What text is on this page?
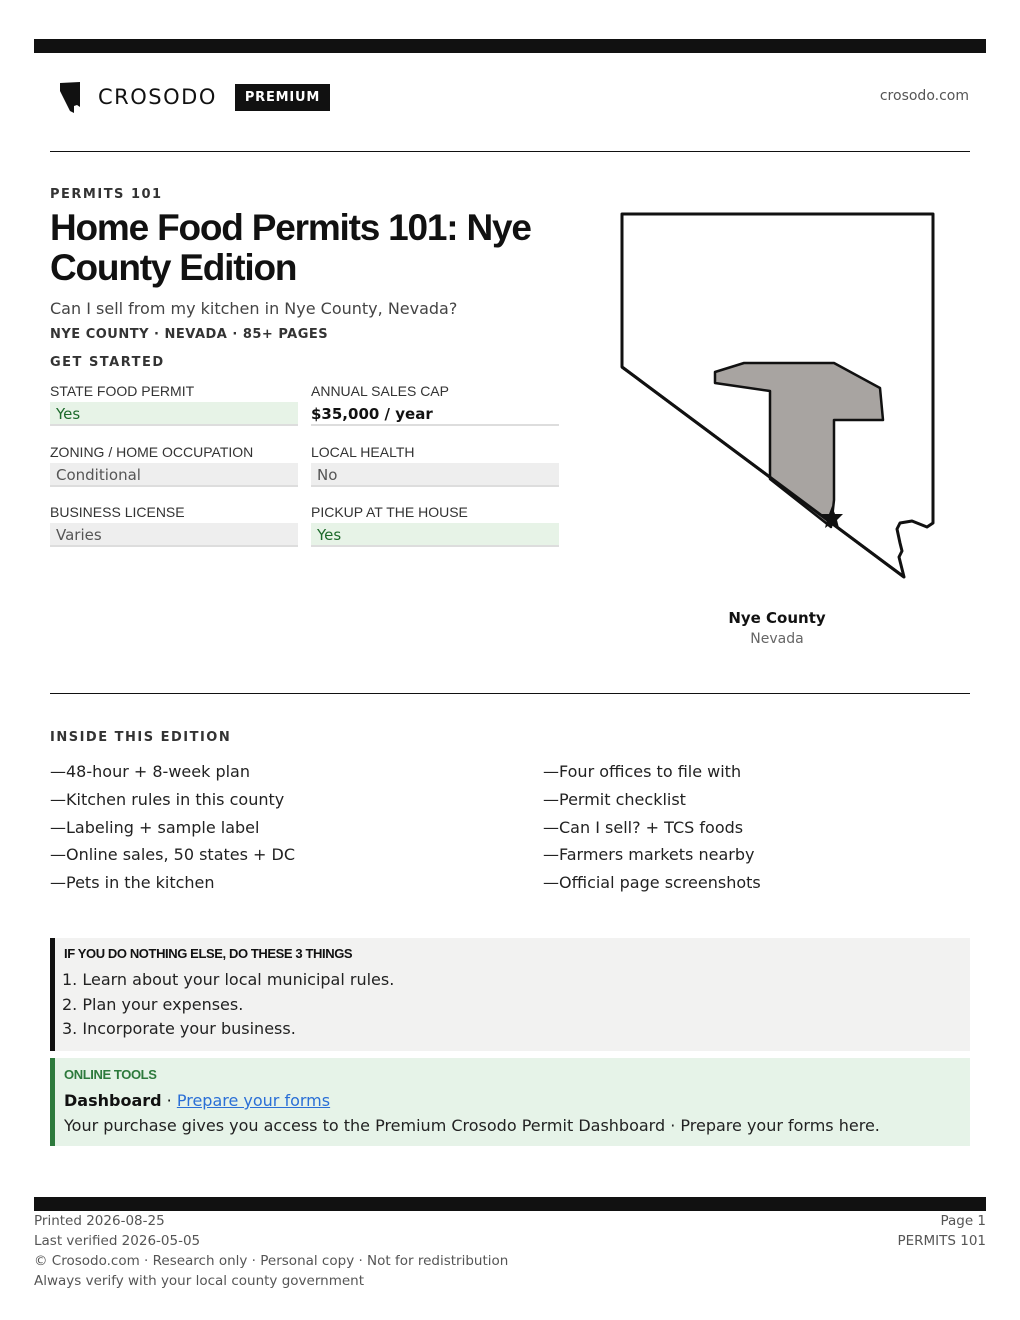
CROSODO	PREMIUM	crosodo.com
PERMITS 101
Home Food Permits 101: Nye County Edition
Can I sell from my kitchen in Nye County, Nevada?
NYE COUNTY · NEVADA · 85+ PAGES
GET STARTED
STATE FOOD PERMIT
Yes
ANNUAL SALES CAP
$35,000 / year
ZONING / HOME OCCUPATION
Conditional
LOCAL HEALTH
No
BUSINESS LICENSE
Varies
PICKUP AT THE HOUSE
Yes
Nye County
Nevada
INSIDE THIS EDITION
— 48-hour + 8-week plan
— Kitchen rules in this county
— Labeling + sample label
— Online sales, 50 states + DC
— Pets in the kitchen
— Four offices to file with
— Permit checklist
— Can I sell? + TCS foods
— Farmers markets nearby
— Official page screenshots
IF YOU DO NOTHING ELSE, DO THESE 3 THINGS
1. Learn about your local municipal rules.
2. Plan your expenses.
3. Incorporate your business.
ONLINE TOOLS
Dashboard · Prepare your forms
Your purchase gives you access to the Premium Crosodo Permit Dashboard · Prepare your forms here.
Printed 2026-08-25
Last verified 2026-05-05
© Crosodo.com · Research only · Personal copy · Not for redistribution
Always verify with your local county government
Page 1
PERMITS 101
